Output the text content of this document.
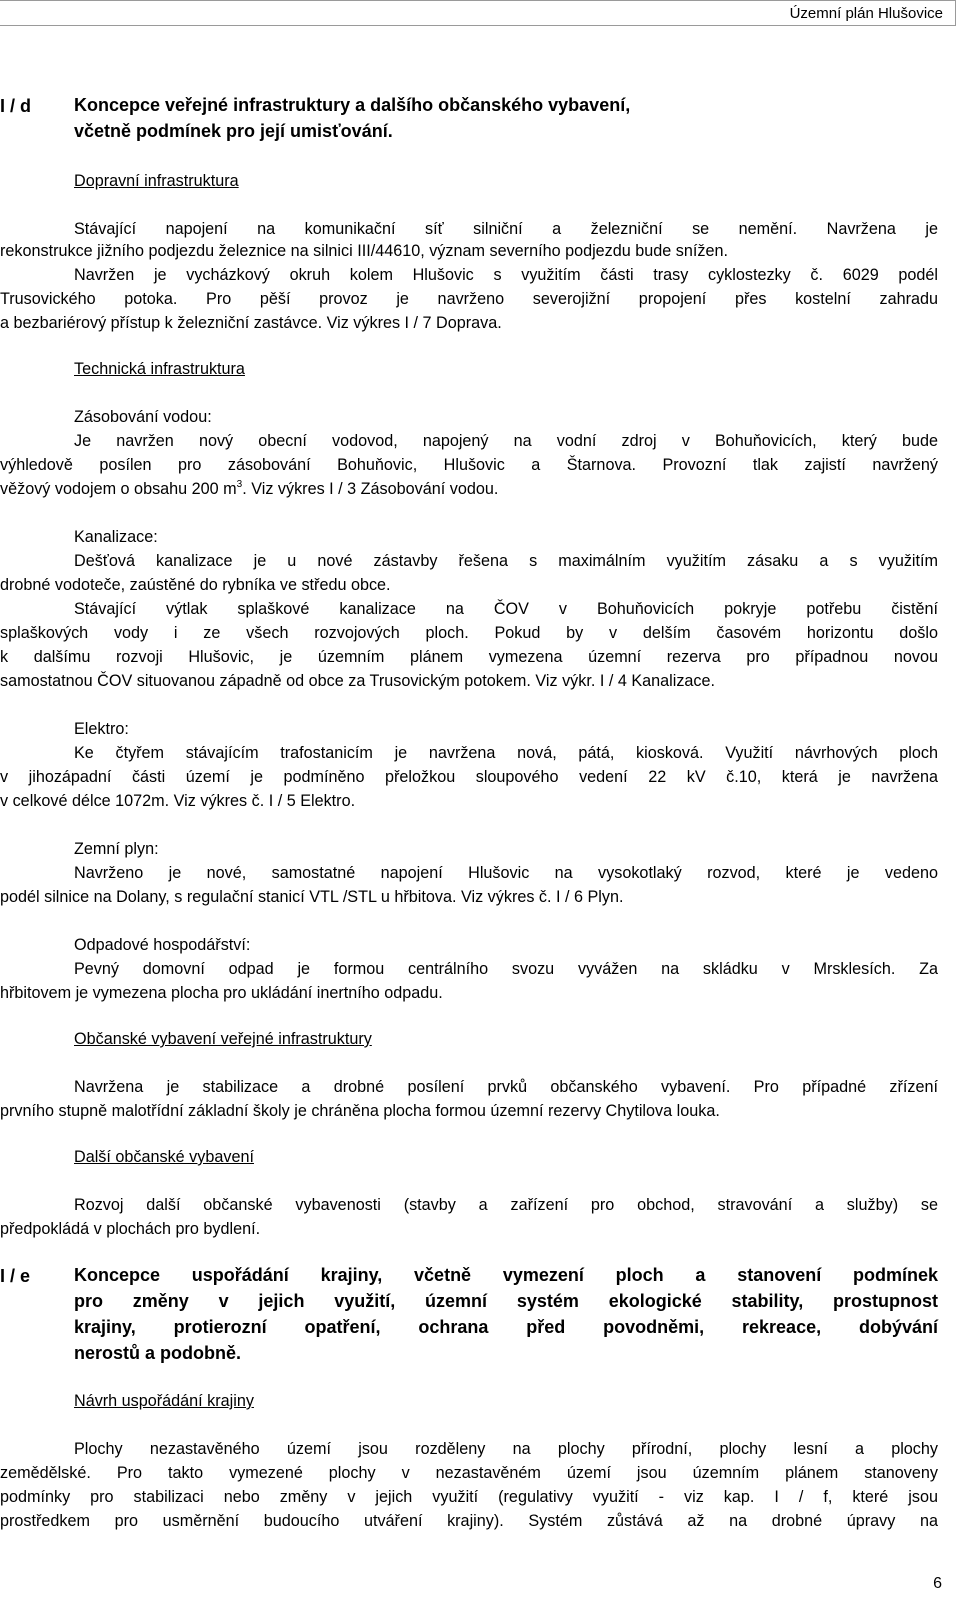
Územní plán Hlušovice
I / d Koncepce veřejné infrastruktury a dalšího občanského vybavení,
včetně podmínek pro její umisťování.
Dopravní infrastruktura
Stávající napojení na komunikační síť silniční a železniční se nemění. Navržena je
rekonstrukce jižního podjezdu železnice na silnici III/44610, význam severního podjezdu bude snížen.
Navržen je vycházkový okruh kolem Hlušovic s využitím části trasy cyklostezky č. 6029 podél
Trusovického potoka. Pro pěší provoz je navrženo severojižní propojení přes kostelní zahradu
a bezbariérový přístup k železniční zastávce. Viz výkres I / 7 Doprava.
Technická infrastruktura
Zásobování vodou:
Je navržen nový obecní vodovod, napojený na vodní zdroj v Bohuňovicích, který bude
výhledově posílen pro zásobování Bohuňovic, Hlušovic a Štarnova. Provozní tlak zajistí navržený
věžový vodojem o obsahu 200 $m^3$. Viz výkres I / 3 Zásobování vodou.
Kanalizace:
Dešťová kanalizace je u nové zástavby řešena s maximálním využitím zásaku a s využitím
drobné vodoteče, zaústěné do rybníka ve středu obce.
Stávající výtlak splaškové kanalizace na ČOV v Bohuňovicích pokryje potřebu čistění
splaškových vody i ze všech rozvojových ploch. Pokud by v delším časovém horizontu došlo
k dalšímu rozvoji Hlušovic, je územním plánem vymezena územní rezerva pro případnou novou
samostatnou ČOV situovanou západně od obce za Trusovickým potokem. Viz výkr. I / 4 Kanalizace.
Elektro:
Ke čtyřem stávajícím trafostanicím je navržena nová, pátá, kiosková. Využití návrhových ploch
v jihozápadní části území je podmíněno přeložkou sloupového vedení 22 kV č.10, která je navržena
v celkové délce 1072m. Viz výkres č. I / 5 Elektro.
Zemní plyn:
Navrženo je nové, samostatné napojení Hlušovic na vysokotlaký rozvod, které je vedeno
podél silnice na Dolany, s regulační stanicí VTL /STL u hřbitova. Viz výkres č. I / 6 Plyn.
Odpadové hospodářství:
Pevný domovní odpad je formou centrálního svozu vyvážen na skládku v Mrsklesích. Za
hřbitovem je vymezena plocha pro ukládání inertního odpadu.
Občanské vybavení veřejné infrastruktury
Navržena je stabilizace a drobné posílení prvků občanského vybavení. Pro případné zřízení
prvního stupně malotřídní základní školy je chráněna plocha formou územní rezervy Chytilova louka.
Další občanské vybavení
Rozvoj další občanské vybavenosti (stavby a zařízení pro obchod, stravování a služby) se
předpokládá v plochách pro bydlení.
I / e Koncepce uspořádání krajiny, včetně vymezení ploch a stanovení podmínek
pro změny v jejich využití, územní systém ekologické stability, prostupnost
krajiny, protierozní opatření, ochrana před povodněmi, rekreace, dobývání
nerostů a podobně.
Návrh uspořádání krajiny
Plochy nezastavěného území jsou rozděleny na plochy přírodní, plochy lesní a plochy
zemědělské. Pro takto vymezené plochy v nezastavěném území jsou územním plánem stanoveny
podmínky pro stabilizaci nebo změny v jejich využití (regulativy využití - viz kap. I / f, které jsou
prostředkem pro usměrnění budoucího utváření krajiny). Systém zůstává až na drobné úpravy na
6
